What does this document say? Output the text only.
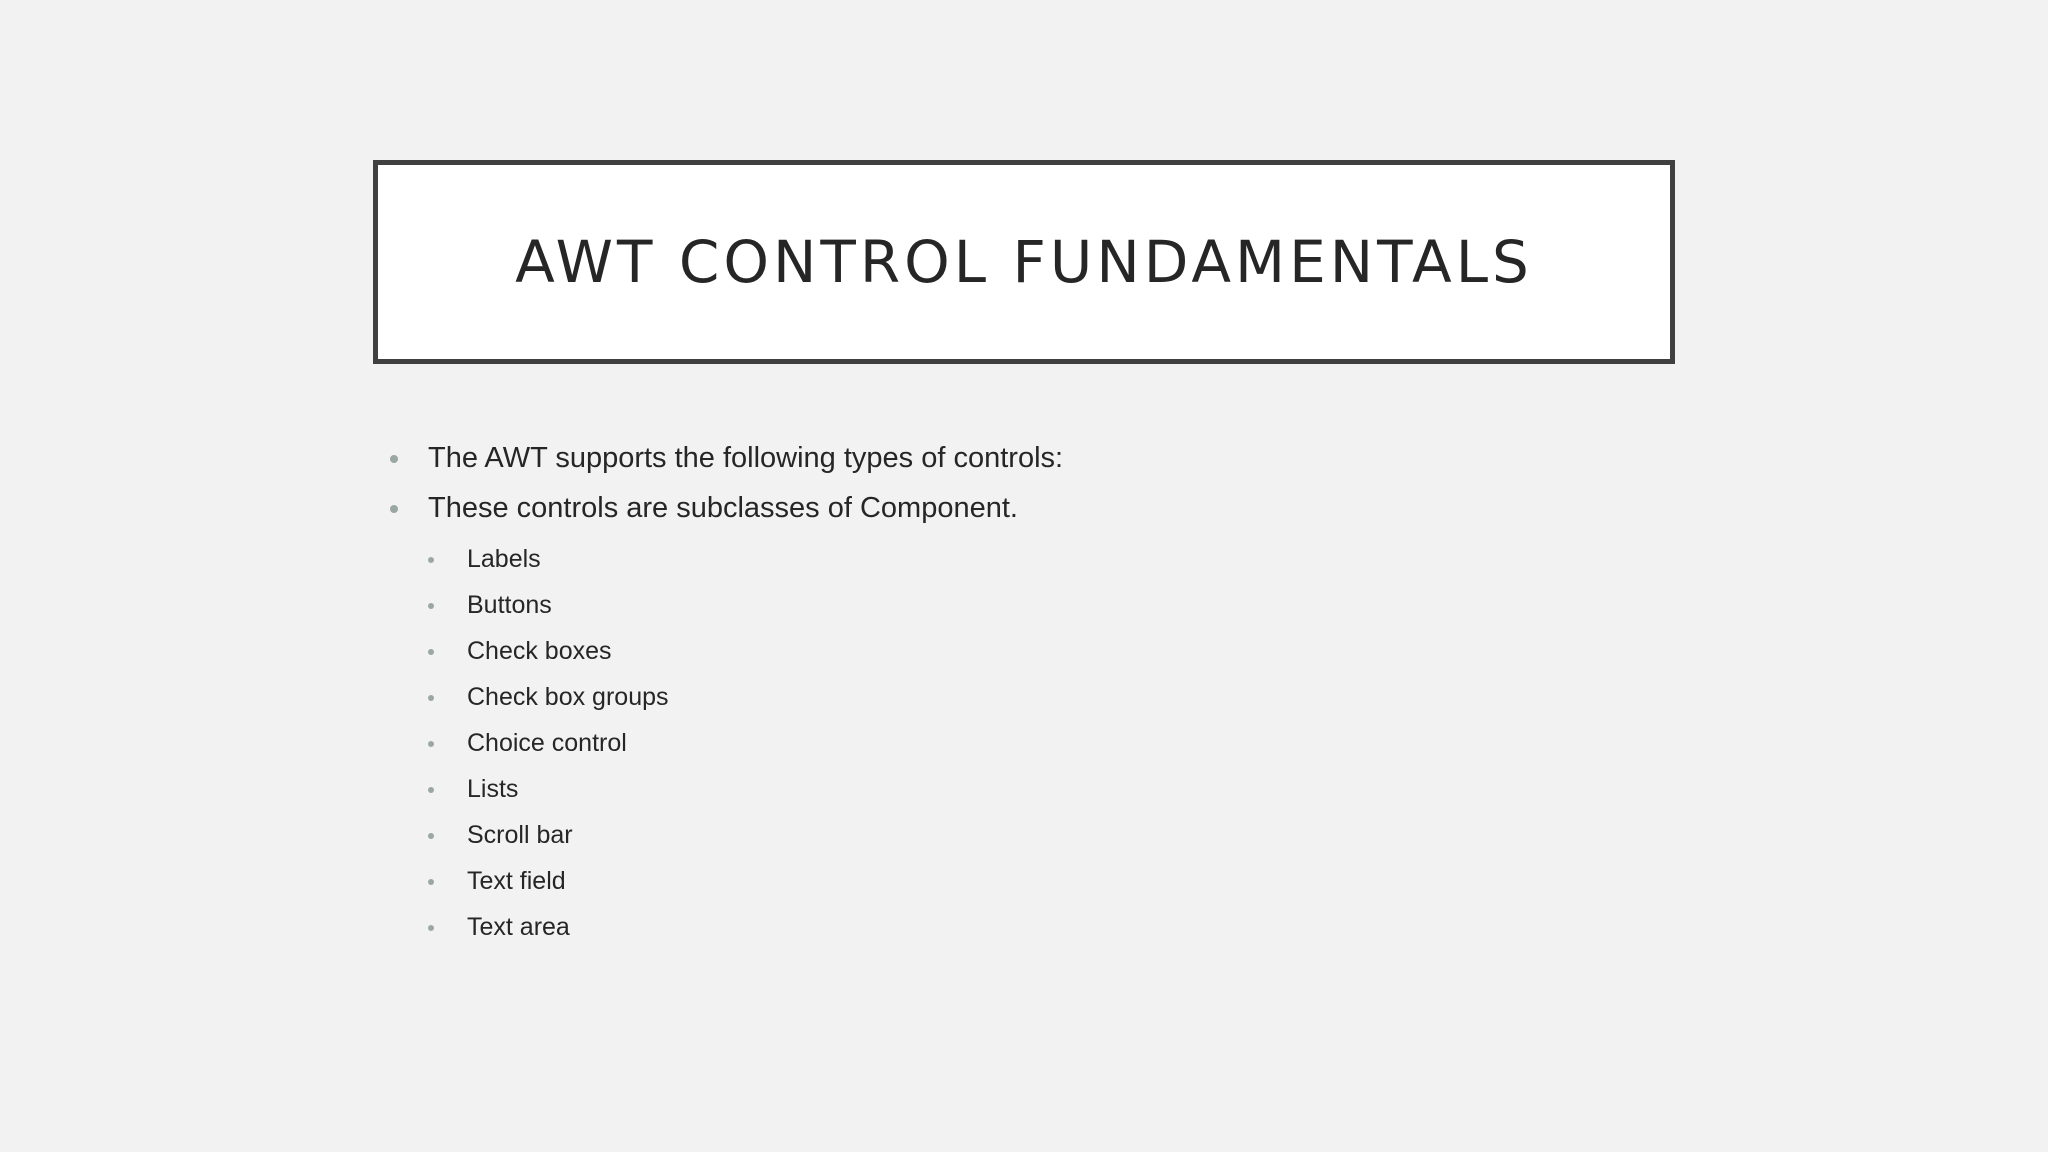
AWT CONTROL FUNDAMENTALS
The AWT supports the following types of controls:
These controls are subclasses of Component.
Labels
Buttons
Check boxes
Check box groups
Choice control
Lists
Scroll bar
Text field
Text area
